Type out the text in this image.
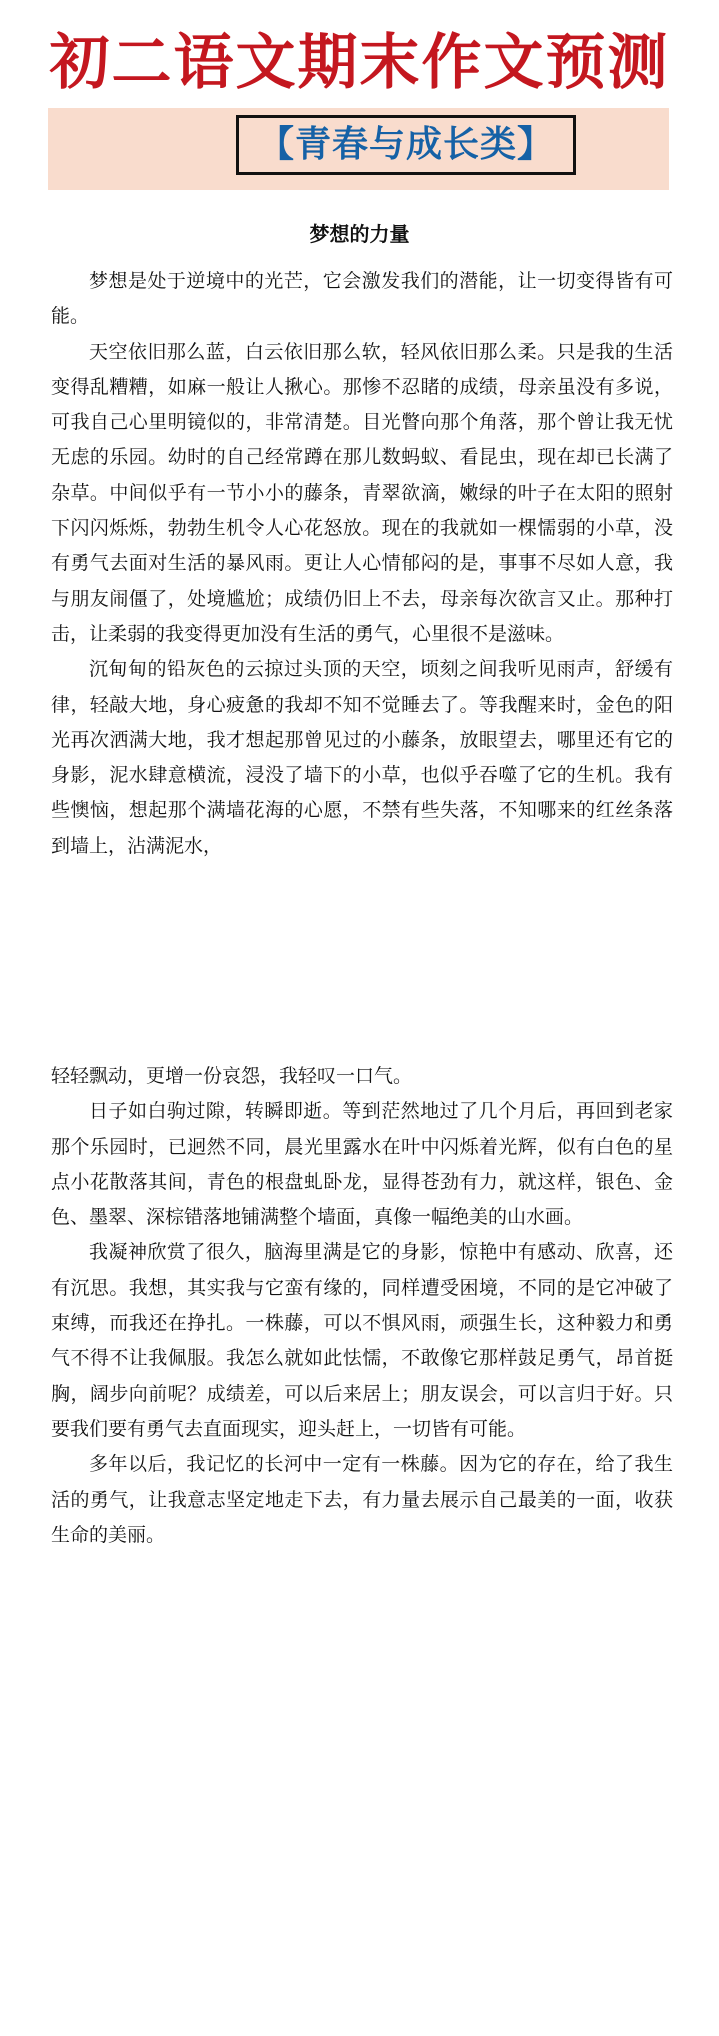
初二语文期末作文预测
【青春与成长类】
梦想的力量

梦想是处于逆境中的光芒，它会激发我们的潜能，让一切变得皆有可能。

天空依旧那么蓝，白云依旧那么软，轻风依旧那么柔。只是我的生活变得乱糟糟，如麻一般让人揪心。那惨不忍睹的成绩，母亲虽没有多说，可我自己心里明镜似的，非常清楚。目光瞥向那个角落，那个曾让我无忧无虑的乐园。幼时的自己经常蹲在那儿数蚂蚁、看昆虫，现在却已长满了杂草。中间似乎有一节小小的藤条，青翠欲滴，嫩绿的叶子在太阳的照射下闪闪烁烁，勃勃生机令人心花怒放。现在的我就如一棵懦弱的小草，没有勇气去面对生活的暴风雨。更让人心情郁闷的是，事事不尽如人意，我与朋友闹僵了，处境尴尬；成绩仍旧上不去，母亲每次欲言又止。那种打击，让柔弱的我变得更加没有生活的勇气，心里很不是滋味。

沉甸甸的铅灰色的云掠过头顶的天空，顷刻之间我听见雨声，舒缓有律，轻敲大地，身心疲惫的我却不知不觉睡去了。等我醒来时，金色的阳光再次洒满大地，我才想起那曾见过的小藤条，放眼望去，哪里还有它的身影，泥水肆意横流，浸没了墙下的小草，也似乎吞噬了它的生机。我有些懊恼，想起那个满墙花海的心愿，不禁有些失落，不知哪来的红丝条落到墙上，沾满泥水，

轻轻飘动，更增一份哀怨，我轻叹一口气。

日子如白驹过隙，转瞬即逝。等到茫然地过了几个月后，再回到老家那个乐园时，已迥然不同，晨光里露水在叶中闪烁着光辉，似有白色的星点小花散落其间，青色的根盘虬卧龙，显得苍劲有力，就这样，银色、金色、墨翠、深棕错落地铺满整个墙面，真像一幅绝美的山水画。

我凝神欣赏了很久，脑海里满是它的身影，惊艳中有感动、欣喜，还有沉思。我想，其实我与它蛮有缘的，同样遭受困境，不同的是它冲破了束缚，而我还在挣扎。一株藤，可以不惧风雨，顽强生长，这种毅力和勇气不得不让我佩服。我怎么就如此怯懦，不敢像它那样鼓足勇气，昂首挺胸，阔步向前呢？成绩差，可以后来居上；朋友误会，可以言归于好。只要我们要有勇气去直面现实，迎头赶上，一切皆有可能。

多年以后，我记忆的长河中一定有一株藤。因为它的存在，给了我生活的勇气，让我意志坚定地走下去，有力量去展示自己最美的一面，收获生命的美丽。
